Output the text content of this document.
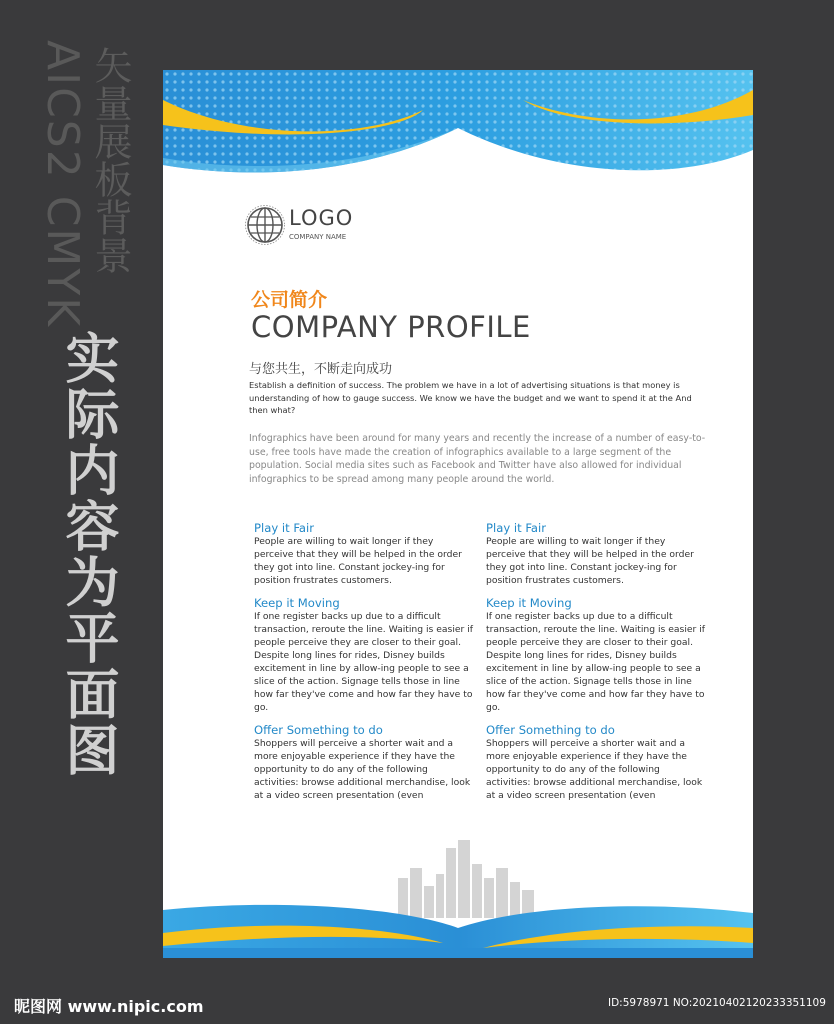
AICS2 CMYK 矢量展板背景
实际内容为平面图
LOGO
COMPANY NAME
公司简介
COMPANY PROFILE
与您共生，不断走向成功
Establish a definition of success. The problem we have in a lot of advertising situations is that money is understanding of how to gauge success. We know we have the budget and we want to spend it at the And then what?
Infographics have been around for many years and recently the increase of a number of easy-to-use, free tools have made the creation of infographics available to a large segment of the population. Social media sites such as Facebook and Twitter have also allowed for individual infographics to be spread among many people around the world.
Play it Fair
People are willing to wait longer if they perceive that they will be helped in the order they got into line. Constant jockey-ing for position frustrates customers.
Keep it Moving
If one register backs up due to a difficult transaction, reroute the line. Waiting is easier if people perceive they are closer to their goal. Despite long lines for rides, Disney builds excitement in line by allow-ing people to see a slice of the action. Signage tells those in line how far they've come and how far they have to go.
Offer Something to do
Shoppers will perceive a shorter wait and a more enjoyable experience if they have the opportunity to do any of the following activities: browse additional merchandise, look at a video screen presentation (even
Play it Fair
People are willing to wait longer if they perceive that they will be helped in the order they got into line. Constant jockey-ing for position frustrates customers.
Keep it Moving
If one register backs up due to a difficult transaction, reroute the line. Waiting is easier if people perceive they are closer to their goal. Despite long lines for rides, Disney builds excitement in line by allow-ing people to see a slice of the action. Signage tells those in line how far they've come and how far they have to go.
Offer Something to do
Shoppers will perceive a shorter wait and a more enjoyable experience if they have the opportunity to do any of the following activities: browse additional merchandise, look at a video screen presentation (even
昵图网 www.nipic.com	ID:5978971 NO:20210402120233351109
